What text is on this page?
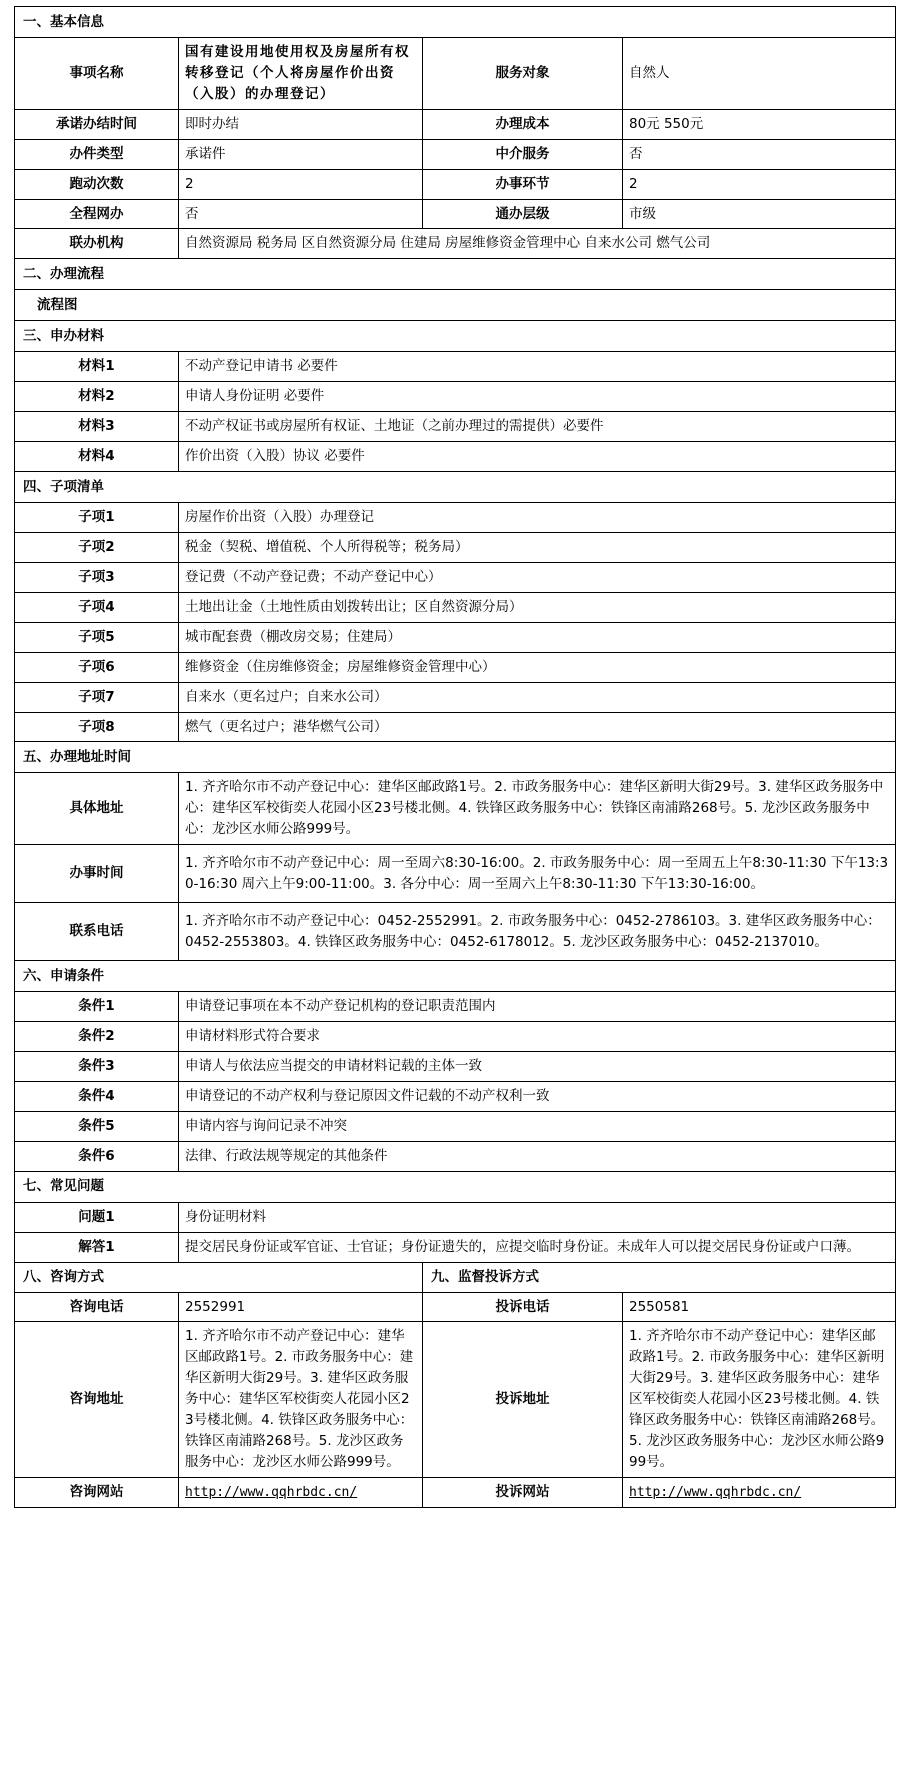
一、基本信息			
事项名称	国有建设用地使用权及房屋所有权转移登记（个人将房屋作价出资（入股）的办理登记）	服务对象	自然人
承诺办结时间	即时办结	办理成本	80元 550元
办件类型	承诺件	中介服务	否
跑动次数	2	办事环节	2
全程网办	否	通办层级	市级
联办机构	自然资源局 税务局 区自然资源分局 住建局 房屋维修资金管理中心 自来水公司 燃气公司		
二、办理流程			
流程图			
三、申办材料			
材料1	不动产登记申请书 必要件		
材料2	申请人身份证明 必要件		
材料3	不动产权证书或房屋所有权证、土地证（之前办理过的需提供）必要件		
材料4	作价出资（入股）协议 必要件		
四、子项清单			
子项1	房屋作价出资（入股）办理登记		
子项2	税金（契税、增值税、个人所得税等；税务局）		
子项3	登记费（不动产登记费；不动产登记中心）		
子项4	土地出让金（土地性质由划拨转出让；区自然资源分局）		
子项5	城市配套费（棚改房交易；住建局）		
子项6	维修资金（住房维修资金；房屋维修资金管理中心）		
子项7	自来水（更名过户；自来水公司）		
子项8	燃气（更名过户；港华燃气公司）		
五、办理地址时间			
具体地址	1. 齐齐哈尔市不动产登记中心：建华区邮政路1号。2. 市政务服务中心：建华区新明大街29号。3. 建华区政务服务中心：建华区军校街奕人花园小区23号楼北侧。4. 铁锋区政务服务中心：铁锋区南浦路268号。5. 龙沙区政务服务中心：龙沙区水师公路999号。		
办事时间	1. 齐齐哈尔市不动产登记中心：周一至周六8:30-16:00。2. 市政务服务中心：周一至周五上午8:30-11:30 下午13:30-16:30 周六上午9:00-11:00。3. 各分中心：周一至周六上午8:30-11:30 下午13:30-16:00。		
联系电话	1. 齐齐哈尔市不动产登记中心：0452-2552991。2. 市政务服务中心：0452-2786103。3. 建华区政务服务中心：0452-2553803。4. 铁锋区政务服务中心：0452-6178012。5. 龙沙区政务服务中心：0452-2137010。		
六、申请条件			
条件1	申请登记事项在本不动产登记机构的登记职责范围内		
条件2	申请材料形式符合要求		
条件3	申请人与依法应当提交的申请材料记载的主体一致		
条件4	申请登记的不动产权利与登记原因文件记载的不动产权利一致		
条件5	申请内容与询问记录不冲突		
条件6	法律、行政法规等规定的其他条件		
七、常见问题			
问题1	身份证明材料		
解答1	提交居民身份证或军官证、士官证；身份证遗失的，应提交临时身份证。未成年人可以提交居民身份证或户口薄。		
八、咨询方式		九、监督投诉方式	
咨询电话	2552991	投诉电话	2550581
咨询地址	1. 齐齐哈尔市不动产登记中心：建华区邮政路1号。2. 市政务服务中心：建华区新明大街29号。3. 建华区政务服务中心：建华区军校街奕人花园小区23号楼北侧。4. 铁锋区政务服务中心：铁锋区南浦路268号。5. 龙沙区政务服务中心：龙沙区水师公路999号。	投诉地址	1. 齐齐哈尔市不动产登记中心：建华区邮政路1号。2. 市政务服务中心：建华区新明大街29号。3. 建华区政务服务中心：建华区军校街奕人花园小区23号楼北侧。4. 铁锋区政务服务中心：铁锋区南浦路268号。5. 龙沙区政务服务中心：龙沙区水师公路999号。
咨询网站	http://www.qqhrbdc.cn/	投诉网站	http://www.qqhrbdc.cn/
